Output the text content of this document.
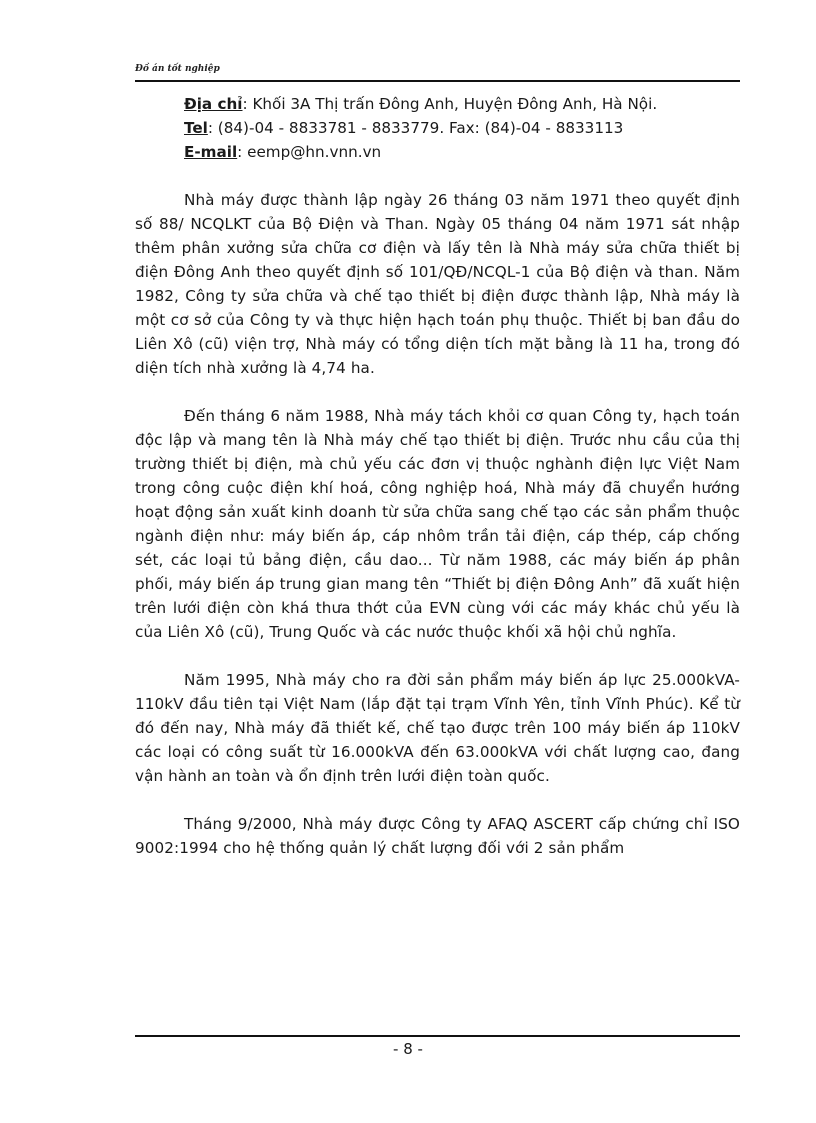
Đồ án tốt nghiệp

Địa chỉ: Khối 3A Thị trấn Đông Anh, Huyện Đông Anh, Hà Nội.

Tel: (84)-04 - 8833781 - 8833779. Fax: (84)-04 - 8833113

E-mail: eemp@hn.vnn.vn

Nhà máy được thành lập ngày 26 tháng 03 năm 1971 theo quyết định số 88/ NCQLKT của Bộ Điện và Than. Ngày 05 tháng 04 năm 1971 sát nhập thêm phân xưởng sửa chữa cơ điện và lấy tên là Nhà máy sửa chữa thiết bị điện Đông Anh theo quyết định số 101/QĐ/NCQL-1 của Bộ điện và than. Năm 1982, Công ty sửa chữa và chế tạo thiết bị điện được thành lập, Nhà máy là một cơ sở của Công ty và thực hiện hạch toán phụ thuộc. Thiết bị ban đầu do Liên Xô (cũ) viện trợ, Nhà máy có tổng diện tích mặt bằng là 11 ha, trong đó diện tích nhà xưởng là 4,74 ha.

Đến tháng 6 năm 1988, Nhà máy tách khỏi cơ quan Công ty, hạch toán độc lập và mang tên là Nhà máy chế tạo thiết bị điện. Trước nhu cầu của thị trường thiết bị điện, mà chủ yếu các đơn vị thuộc nghành điện lực Việt Nam trong công cuộc điện khí hoá, công nghiệp hoá, Nhà máy đã chuyển hướng hoạt động sản xuất kinh doanh từ sửa chữa sang chế tạo các sản phẩm thuộc ngành điện như: máy biến áp, cáp nhôm trần tải điện, cáp thép, cáp chống sét, các loại tủ bảng điện, cầu dao... Từ năm 1988, các máy biến áp phân phối, máy biến áp trung gian mang tên “Thiết bị điện Đông Anh” đã xuất hiện trên lưới điện còn khá thưa thớt của EVN cùng với các máy khác chủ yếu là của Liên Xô (cũ), Trung Quốc và các nước thuộc khối xã hội chủ nghĩa.

Năm 1995, Nhà máy cho ra đời sản phẩm máy biến áp lực 25.000kVA-110kV đầu tiên tại Việt Nam (lắp đặt tại trạm Vĩnh Yên, tỉnh Vĩnh Phúc). Kể từ đó đến nay, Nhà máy đã thiết kế, chế tạo được trên 100 máy biến áp 110kV các loại có công suất từ 16.000kVA đến 63.000kVA với chất lượng cao, đang vận hành an toàn và ổn định trên lưới điện toàn quốc.

Tháng 9/2000, Nhà máy được Công ty AFAQ ASCERT cấp chứng chỉ ISO 9002:1994 cho hệ thống quản lý chất lượng đối với 2 sản phẩm

- 8 -
